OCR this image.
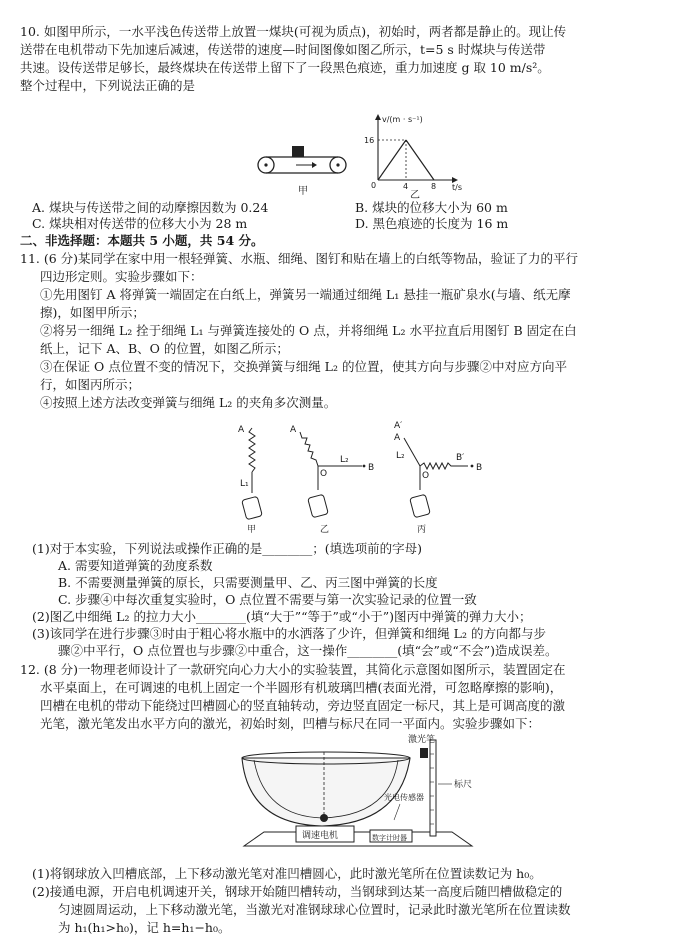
10. 如图甲所示，一水平浅色传送带上放置一煤块(可视为质点)，初始时，两者都是静止的。现让传
送带在电机带动下先加速后减速，传送带的速度—时间图像如图乙所示，t=5 s 时煤块与传送带
共速。设传送带足够长，最终煤块在传送带上留下了一段黑色痕迹，重力加速度 g 取 10 m/s²。
整个过程中，下列说法正确的是
甲
v/(m · s⁻¹)
t/s
16
0	4	8
乙
A. 煤块与传送带之间的动摩擦因数为 0.24	B. 煤块的位移大小为 60 m
C. 煤块相对传送带的位移大小为 28 m	D. 黑色痕迹的长度为 16 m
二、非选择题：本题共 5 小题，共 54 分。
11. (6 分)某同学在家中用一根轻弹簧、水瓶、细绳、图钉和贴在墙上的白纸等物品，验证了力的平行
四边形定则。实验步骤如下：
①先用图钉 A 将弹簧一端固定在白纸上，弹簧另一端通过细绳 L₁ 悬挂一瓶矿泉水(与墙、纸无摩
擦)，如图甲所示；
②将另一细绳 L₂ 拴于细绳 L₁ 与弹簧连接处的 O 点，并将细绳 L₂ 水平拉直后用图钉 B 固定在白
纸上，记下 A、B、O 的位置，如图乙所示；
③在保证 O 点位置不变的情况下，交换弹簧与细绳 L₂ 的位置，使其方向与步骤②中对应方向平
行，如图丙所示；
④按照上述方法改变弹簧与细绳 L₂ 的夹角多次测量。
A
L₁
甲
A
L₂
B
O
乙
A′
A
L₂	B′
B
O
丙
(1)对于本实验，下列说法或操作正确的是________；(填选项前的字母)
A. 需要知道弹簧的劲度系数
B. 不需要测量弹簧的原长，只需要测量甲、乙、丙三图中弹簧的长度
C. 步骤④中每次重复实验时，O 点位置不需要与第一次实验记录的位置一致
(2)图乙中细绳 L₂ 的拉力大小________(填“大于”“等于”或“小于”)图丙中弹簧的弹力大小；
(3)该同学在进行步骤③时由于粗心将水瓶中的水洒落了少许，但弹簧和细绳 L₂ 的方向都与步
骤②中平行，O 点位置也与步骤②中重合，这一操作________(填“会”或“不会”)造成误差。
12. (8 分)一物理老师设计了一款研究向心力大小的实验装置，其简化示意图如图所示，装置固定在
水平桌面上，在可调速的电机上固定一个半圆形有机玻璃凹槽(表面光滑，可忽略摩擦的影响)，
凹槽在电机的带动下能绕过凹槽圆心的竖直轴转动，旁边竖直固定一标尺，其上是可调高度的激
光笔，激光笔发出水平方向的激光，初始时刻，凹槽与标尺在同一平面内。实验步骤如下：
调速电机
标尺
激光笔
光电传感器
数字计时器
(1)将钢球放入凹槽底部，上下移动激光笔对准凹槽圆心，此时激光笔所在位置读数记为 h₀。
(2)接通电源，开启电机调速开关，钢球开始随凹槽转动，当钢球到达某一高度后随凹槽做稳定的
匀速圆周运动，上下移动激光笔，当激光对准钢球球心位置时，记录此时激光笔所在位置读数
为 h₁(h₁>h₀)，记 h=h₁−h₀。
